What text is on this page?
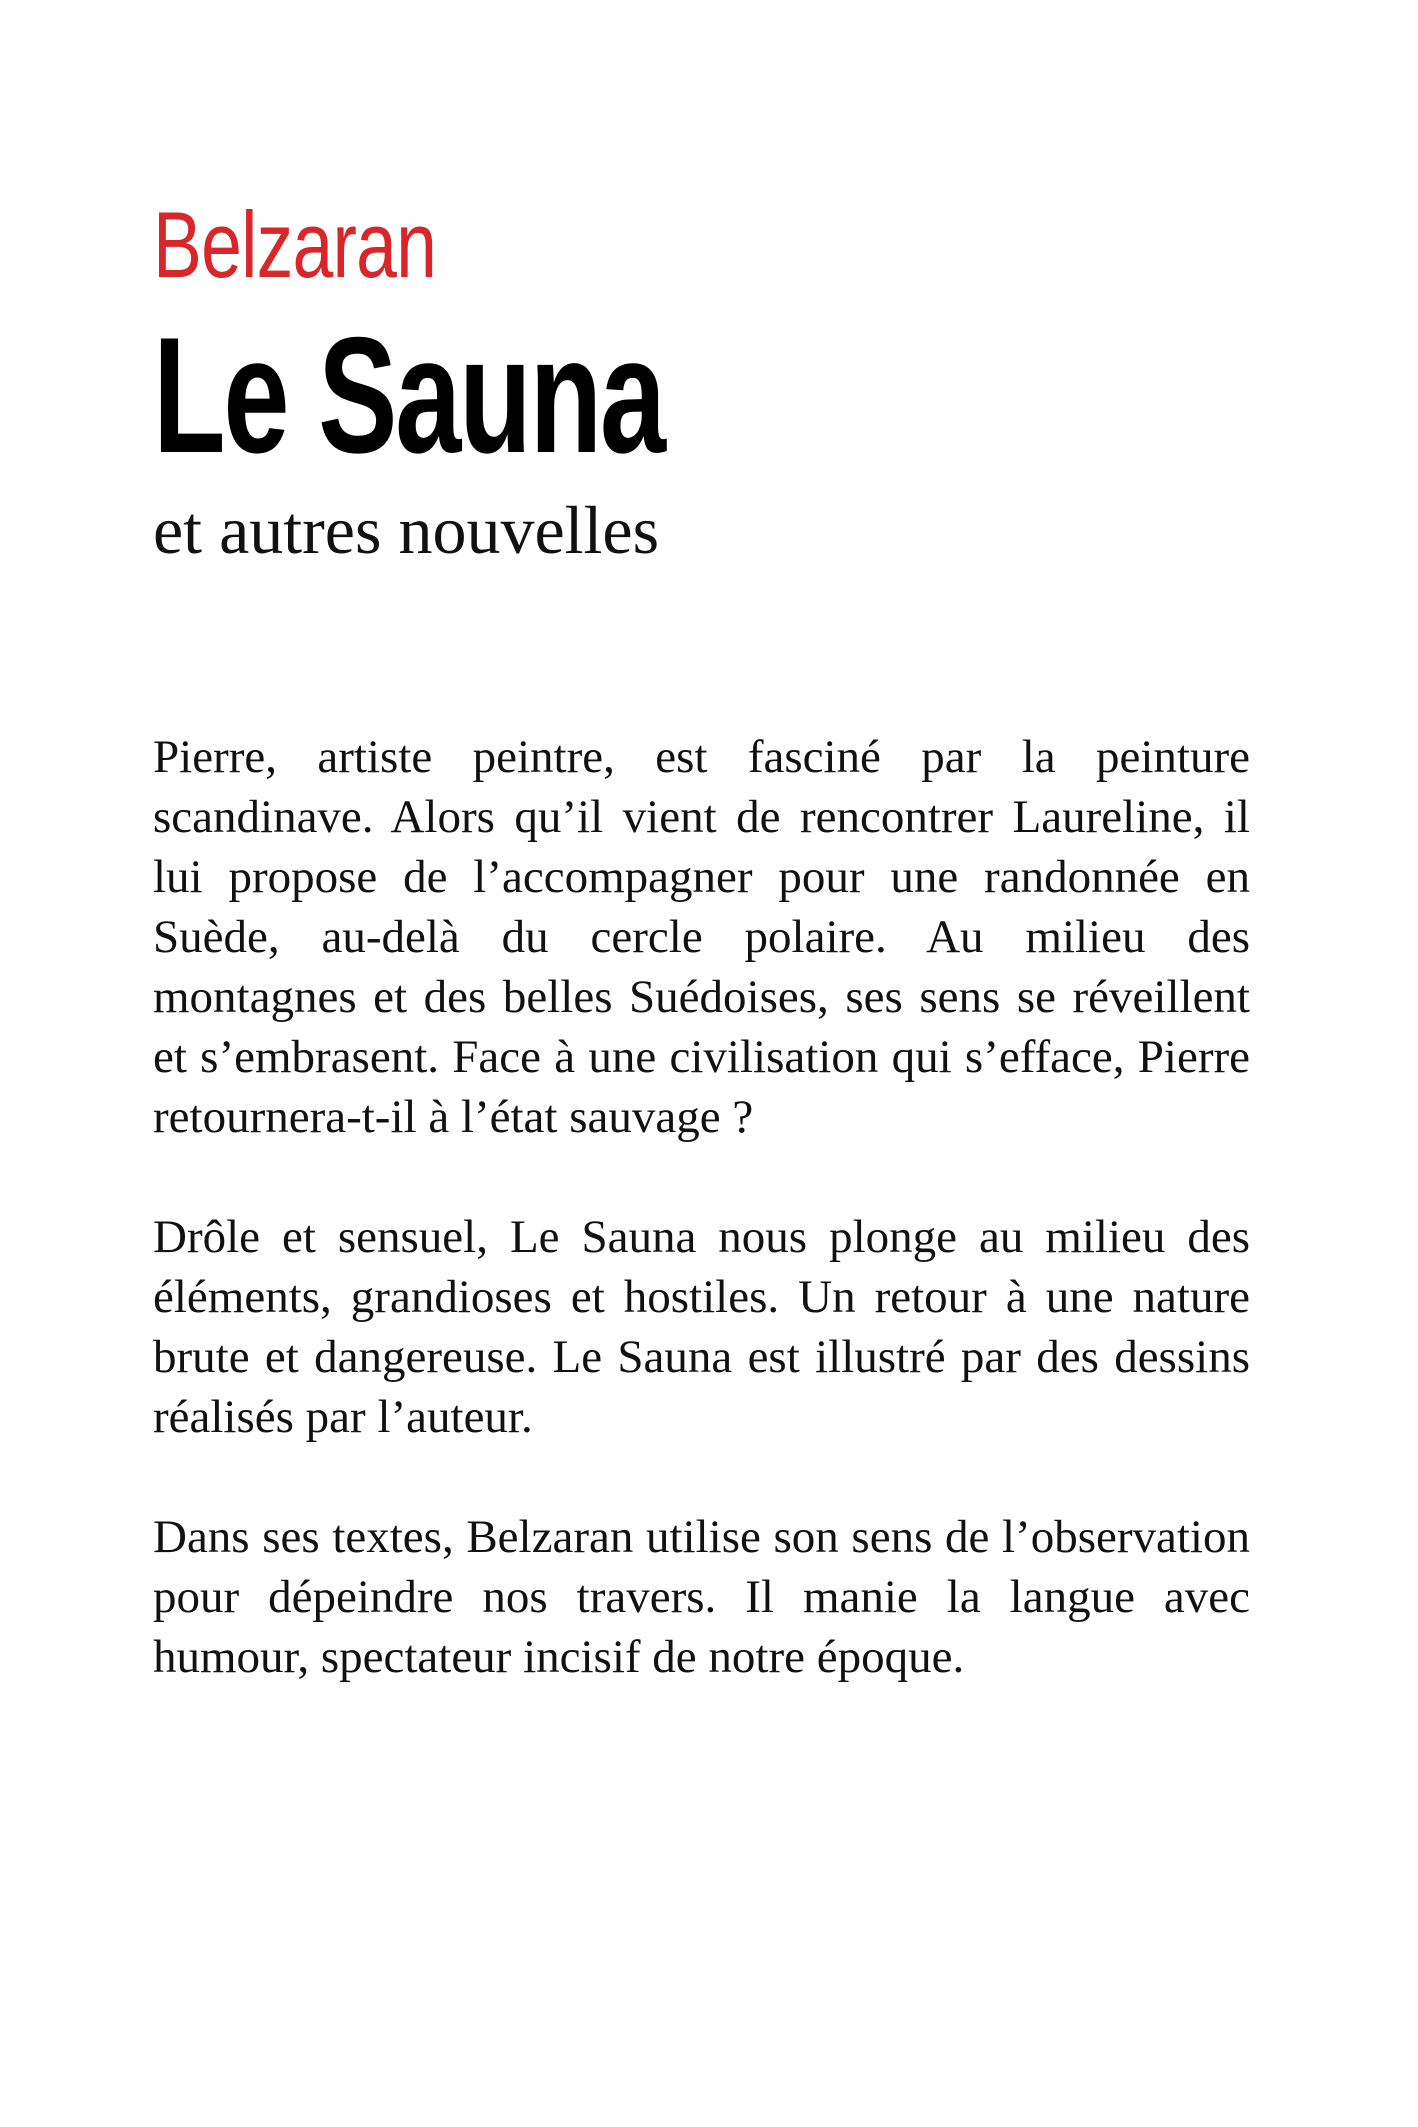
Belzaran
Le Sauna
et autres nouvelles

Pierre, artiste peintre, est fasciné par la peinture scandinave. Alors qu’il vient de rencontrer Laureline, il lui propose de l’accompagner pour une randonnée en Suède, au-delà du cercle polaire. Au milieu des montagnes et des belles Suédoises, ses sens se réveillent et s’embrasent. Face à une civilisation qui s’efface, Pierre retournera-t-il à l’état sauvage ?

Drôle et sensuel, Le Sauna nous plonge au milieu des éléments, grandioses et hostiles. Un retour à une nature brute et dangereuse. Le Sauna est illustré par des dessins réalisés par l’auteur.

Dans ses textes, Belzaran utilise son sens de l’observation pour dépeindre nos travers. Il manie la langue avec humour, spectateur incisif de notre époque.
